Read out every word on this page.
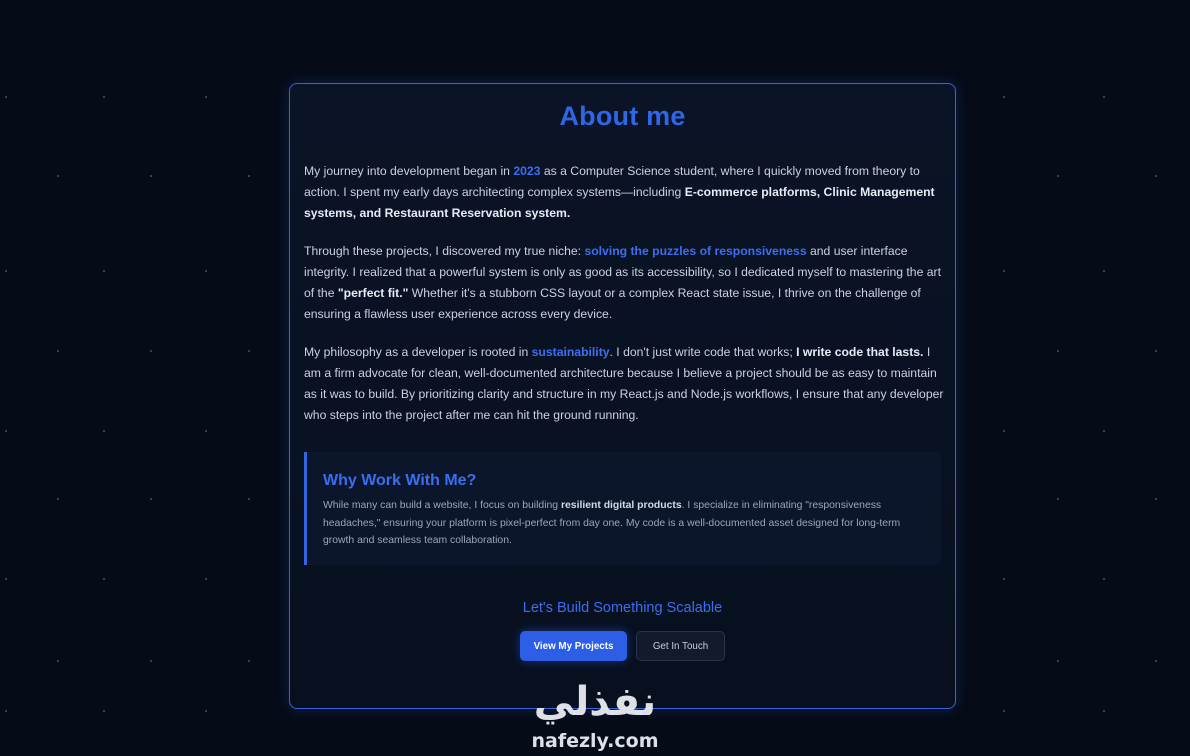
About me

My journey into development began in 2023 as a Computer Science student, where I quickly moved from theory to action. I spent my early days architecting complex systems—including E-commerce platforms, Clinic Management systems, and Restaurant Reservation system.

Through these projects, I discovered my true niche: solving the puzzles of responsiveness and user interface integrity. I realized that a powerful system is only as good as its accessibility, so I dedicated myself to mastering the art of the "perfect fit." Whether it's a stubborn CSS layout or a complex React state issue, I thrive on the challenge of ensuring a flawless user experience across every device.

My philosophy as a developer is rooted in sustainability. I don't just write code that works; I write code that lasts. I am a firm advocate for clean, well-documented architecture because I believe a project should be as easy to maintain as it was to build. By prioritizing clarity and structure in my React.js and Node.js workflows, I ensure that any developer who steps into the project after me can hit the ground running.

Why Work With Me?

While many can build a website, I focus on building resilient digital products. I specialize in eliminating "responsiveness headaches," ensuring your platform is pixel-perfect from day one. My code is a well-documented asset designed for long-term growth and seamless team collaboration.

Let's Build Something Scalable
View My Projects	Get In Touch
نفذلي
nafezly.com
